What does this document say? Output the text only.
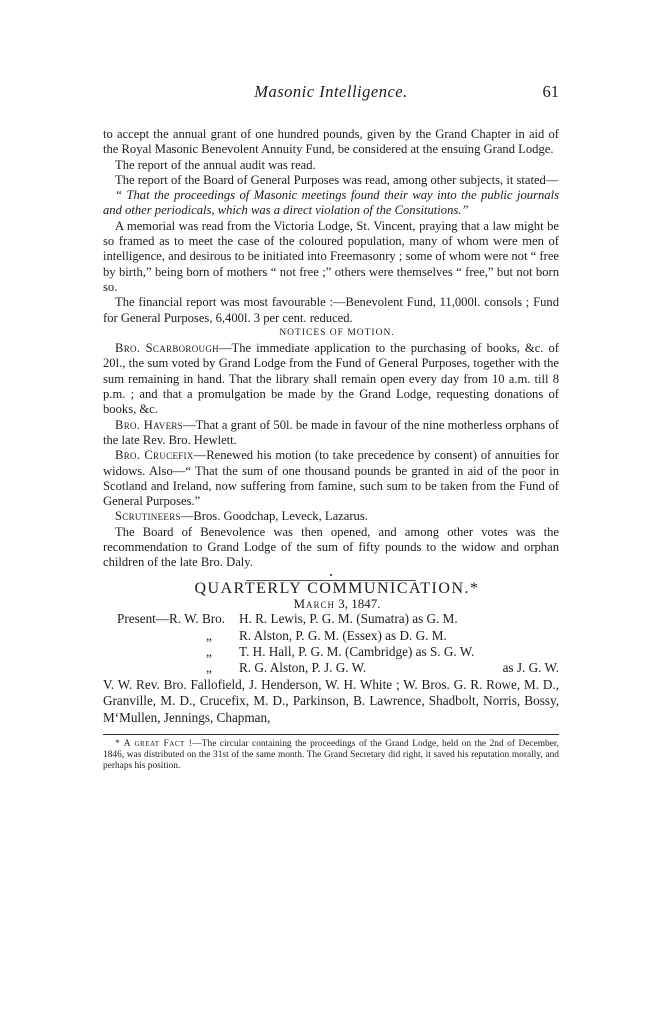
Masonic Intelligence.	61

to accept the annual grant of one hundred pounds, given by the Grand Chapter in aid of the Royal Masonic Benevolent Annuity Fund, be considered at the ensuing Grand Lodge.

The report of the annual audit was read.

The report of the Board of General Purposes was read, among other subjects, it stated—

“ That the proceedings of Masonic meetings found their way into the public journals and other periodicals, which was a direct violation of the Consitutions.”

A memorial was read from the Victoria Lodge, St. Vincent, praying that a law might be so framed as to meet the case of the coloured population, many of whom were men of intelligence, and desirous to be initiated into Freemasonry ; some of whom were not “ free by birth,” being born of mothers “ not free ;” others were themselves “ free,” but not born so.

The financial report was most favourable :—Benevolent Fund, 11,000l. consols ; Fund for General Purposes, 6,400l. 3 per cent. reduced.

NOTICES OF MOTION.

Bro. Scarborough—The immediate application to the purchasing of books, &c. of 20l., the sum voted by Grand Lodge from the Fund of General Purposes, together with the sum remaining in hand. That the library shall remain open every day from 10 a.m. till 8 p.m. ; and that a promulgation be made by the Grand Lodge, requesting donations of books, &c.

Bro. Havers—That a grant of 50l. be made in favour of the nine motherless orphans of the late Rev. Bro. Hewlett.

Bro. Crucefix—Renewed his motion (to take precedence by consent) of annuities for widows. Also—“ That the sum of one thousand pounds be granted in aid of the poor in Scotland and Ireland, now suffering from famine, such sum to be taken from the Fund of General Purposes.”

Scrutineers—Bros. Goodchap, Leveck, Lazarus.

The Board of Benevolence was then opened, and among other votes was the recommendation to Grand Lodge of the sum of fifty pounds to the widow and orphan children of the late Bro. Daly.

•

QUARTERLY COMMUNICATION.*

March 3, 1847.

Present—R. W. Bro. H. R. Lewis, P. G. M. (Sumatra) as G. M.
„ R. Alston, P. G. M. (Essex) as D. G. M.
„ T. H. Hall, P. G. M. (Cambridge) as S. G. W.
„ R. G. Alston, P. J. G. W.	as J. G. W.
V. W. Rev. Bro. Fallofield, J. Henderson, W. H. White ; W. Bros. G. R. Rowe, M. D., Granville, M. D., Crucefix, M. D., Parkinson, B. Lawrence, Shadbolt, Norris, Bossy, M‘Mullen, Jennings, Chapman,

* A great Fact !—The circular containing the proceedings of the Grand Lodge, held on the 2nd of December, 1846, was distributed on the 31st of the same month. The Grand Secretary did right, it saved his reputation morally, and perhaps his position.
